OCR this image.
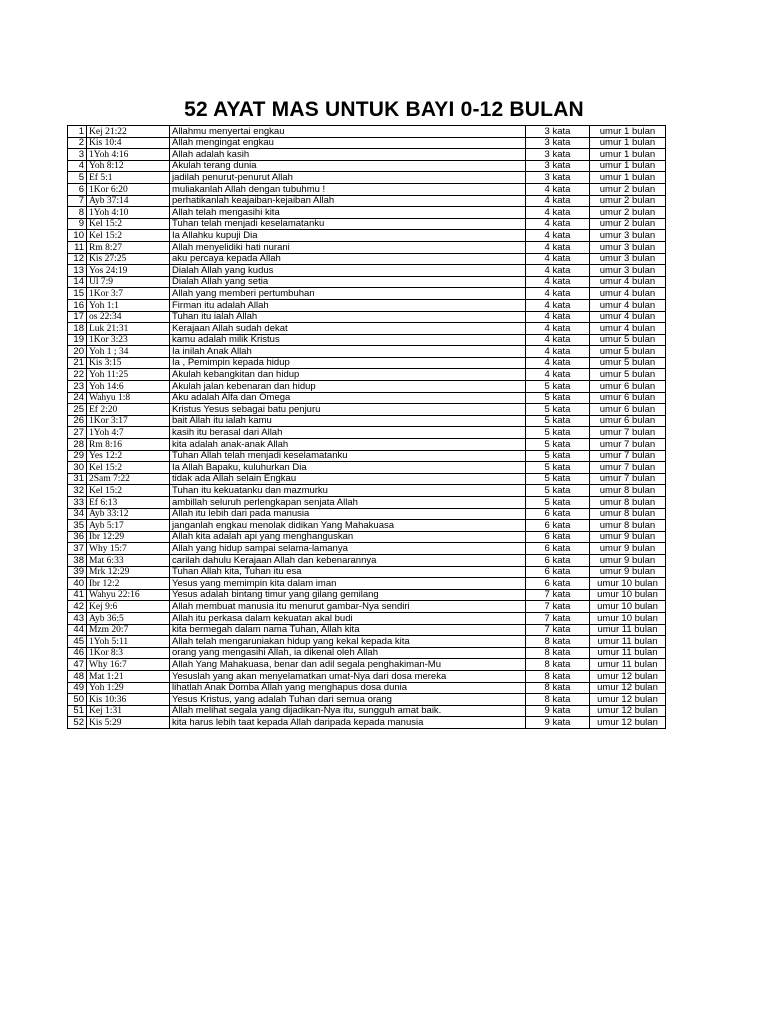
52 AYAT MAS UNTUK BAYI 0-12 BULAN
1	Kej 21:22	Allahmu menyertai engkau	3 kata	umur 1 bulan
2	Kis 10:4	Allah mengingat engkau	3 kata	umur 1 bulan
3	1Yoh 4:16	Allah adalah kasih	3 kata	umur 1 bulan
4	Yoh 8:12	Akulah terang dunia	3 kata	umur 1 bulan
5	Ef 5:1	jadilah penurut-penurut Allah	3 kata	umur 1 bulan
6	1Kor 6:20	muliakanlah Allah dengan tubuhmu !	4 kata	umur 2 bulan
7	Ayb 37:14	perhatikanlah keajaiban-kejaiban Allah	4 kata	umur 2 bulan
8	1Yoh 4:10	Allah telah mengasihi kita	4 kata	umur 2 bulan
9	Kel 15:2	Tuhan telah menjadi keselamatanku	4 kata	umur 2 bulan
10	Kel 15:2	Ia Allahku kupuji Dia	4 kata	umur 3 bulan
11	Rm 8:27	Allah menyelidiki hati nurani	4 kata	umur 3 bulan
12	Kis 27:25	aku percaya kepada Allah	4 kata	umur 3 bulan
13	Yos 24:19	Dialah Allah yang kudus	4 kata	umur 3 bulan
14	Ul 7:9	Dialah Allah yang setia	4 kata	umur 4 bulan
15	1Kor 3:7	Allah yang memberi pertumbuhan	4 kata	umur 4 bulan
16	Yoh 1:1	Firman itu adalah Allah	4 kata	umur 4 bulan
17	os 22:34	Tuhan itu ialah Allah	4 kata	umur 4 bulan
18	Luk 21:31	Kerajaan Allah sudah dekat	4 kata	umur 4 bulan
19	1Kor 3:23	kamu adalah milik Kristus	4 kata	umur 5 bulan
20	Yoh 1 ; 34	Ia inilah Anak Allah	4 kata	umur 5 bulan
21	Kis 3:15	Ia , Pemimpin kepada hidup	4 kata	umur 5 bulan
22	Yoh 11:25	Akulah kebangkitan dan hidup	4 kata	umur 5 bulan
23	Yoh 14:6	Akulah jalan kebenaran dan hidup	5 kata	umur 6 bulan
24	Wahyu 1:8	Aku adalah Alfa dan Omega	5 kata	umur 6 bulan
25	Ef 2:20	Kristus Yesus sebagai batu penjuru	5 kata	umur 6 bulan
26	1Kor 3:17	bait Allah itu ialah kamu	5 kata	umur 6 bulan
27	1Yoh 4:7	kasih itu berasal dari Allah	5 kata	umur 7 bulan
28	Rm 8:16	kita adalah anak-anak Allah	5 kata	umur 7 bulan
29	Yes 12:2	Tuhan Allah telah menjadi keselamatanku	5 kata	umur 7 bulan
30	Kel 15:2	Ia Allah Bapaku, kuluhurkan Dia	5 kata	umur 7 bulan
31	2Sam 7:22	tidak ada Allah selain Engkau	5 kata	umur 7 bulan
32	Kel 15:2	Tuhan itu kekuatanku dan mazmurku	5 kata	umur 8 bulan
33	Ef 6:13	ambillah seluruh perlengkapan senjata Allah	5 kata	umur 8 bulan
34	Ayb 33:12	Allah itu lebih dari pada manusia	6 kata	umur 8 bulan
35	Ayb 5:17	janganlah engkau menolak didikan Yang Mahakuasa	6 kata	umur 8 bulan
36	Ibr 12:29	Allah kita adalah api yang menghanguskan	6 kata	umur 9 bulan
37	Why 15:7	Allah yang hidup sampai selama-lamanya	6 kata	umur 9 bulan
38	Mat 6:33	carilah dahulu Kerajaan Allah dan kebenarannya	6 kata	umur 9 bulan
39	Mrk 12:29	Tuhan Allah kita, Tuhan itu esa	6 kata	umur 9 bulan
40	Ibr 12:2	Yesus yang memimpin kita dalam iman	6 kata	umur 10 bulan
41	Wahyu 22:16	Yesus adalah bintang timur yang gilang gemilang	7 kata	umur 10 bulan
42	Kej 9:6	Allah membuat manusia itu menurut gambar-Nya sendiri	7 kata	umur 10 bulan
43	Ayb 36:5	Allah itu perkasa dalam kekuatan akal budi	7 kata	umur 10 bulan
44	Mzm 20:7	kita bermegah dalam nama Tuhan, Allah kita	7 kata	umur 11 bulan
45	1Yoh 5:11	Allah telah mengaruniakan hidup yang kekal kepada kita	8 kata	umur 11 bulan
46	1Kor 8:3	orang yang mengasihi Allah, ia dikenal oleh Allah	8 kata	umur 11 bulan
47	Why 16:7	Allah Yang Mahakuasa, benar dan adil segala penghakiman-Mu	8 kata	umur 11 bulan
48	Mat 1:21	Yesuslah yang akan menyelamatkan umat-Nya dari dosa mereka	8 kata	umur 12 bulan
49	Yoh 1:29	lihatlah Anak Domba Allah yang menghapus dosa dunia	8 kata	umur 12 bulan
50	Kis 10:36	Yesus Kristus, yang adalah Tuhan dari semua orang	8 kata	umur 12 bulan
51	Kej 1:31	Allah melihat segala yang dijadikan-Nya itu, sungguh amat baik.	9 kata	umur 12 bulan
52	Kis 5:29	kita harus lebih taat kepada Allah daripada kepada manusia	9 kata	umur 12 bulan
